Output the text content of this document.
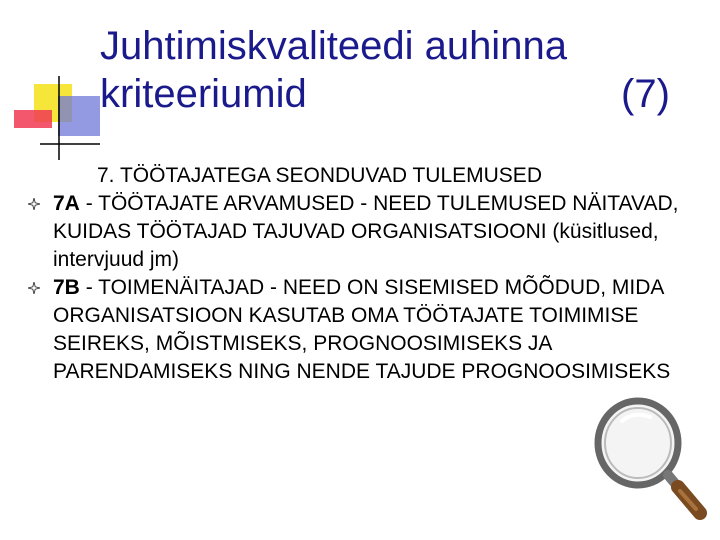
Juhtimiskvaliteedi auhinna
kriteeriumid	(7)
7. TÖÖTAJATEGA SEONDUVAD TULEMUSED
7A - TÖÖTAJATE ARVAMUSED - NEED TULEMUSED NÄITAVAD, KUIDAS TÖÖTAJAD TAJUVAD ORGANISATSIOONI (küsitlused, intervjuud jm)
7B - TOIMENÄITAJAD - NEED ON SISEMISED MÕÕDUD, MIDA ORGANISATSIOON KASUTAB OMA TÖÖTAJATE TOIMIMISE SEIREKS, MÕISTMISEKS, PROGNOOSIMISEKS JA PARENDAMISEKS NING NENDE TAJUDE PROGNOOSIMISEKS
